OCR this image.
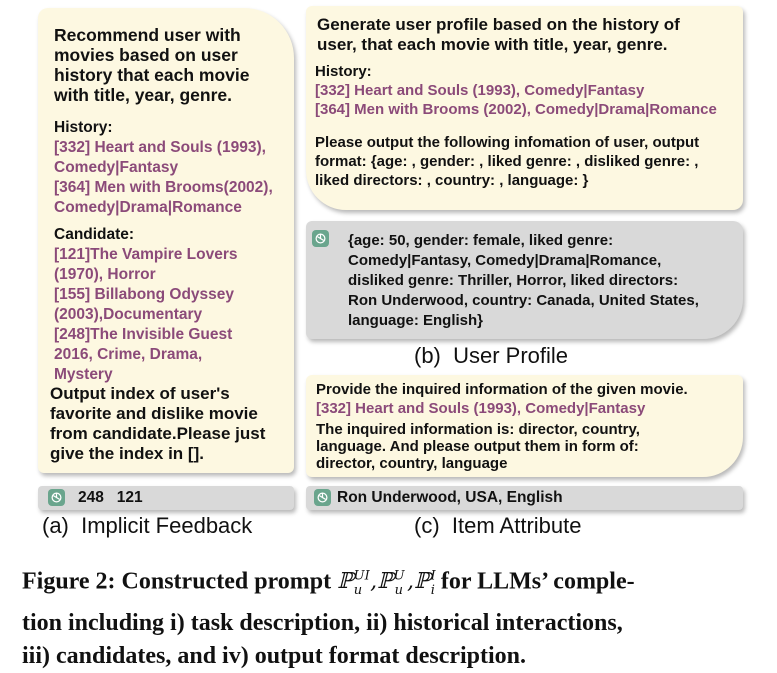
Recommend user with
movies based on user
history that each movie
with title, year, genre.
History:
[332] Heart and Souls (1993),
Comedy|Fantasy
[364] Men with Brooms(2002),
Comedy|Drama|Romance
Candidate:
[121]The Vampire Lovers
(1970), Horror
[155] Billabong Odyssey
(2003),Documentary
[248]The Invisible Guest
2016, Crime, Drama,
Mystery
Output index of user's
favorite and dislike movie
from candidate.Please just
give the index in [].
248   121
(a)  Implicit Feedback
Generate user profile based on the history of
user, that each movie with title, year, genre.
History:
[332] Heart and Souls (1993), Comedy|Fantasy
[364] Men with Brooms (2002), Comedy|Drama|Romance
Please output the following infomation of user, output
format: {age: , gender: , liked genre: , disliked genre: ,
liked directors: , country: , language: }
{age: 50, gender: female, liked genre:
Comedy|Fantasy, Comedy|Drama|Romance,
disliked genre: Thriller, Horror, liked directors:
Ron Underwood, country: Canada, United States,
language: English}
(b)  User Profile
Provide the inquired information of the given movie.
[332] Heart and Souls (1993), Comedy|Fantasy
The inquired information is: director, country,
language. And please output them in form of:
director, country, language
Ron Underwood, USA, English
(c)  Item Attribute
Figure 2: Constructed prompt ℙ$^{UI}_u$ ,ℙ$^U_u$ ,ℙ$^I_i$ for LLMs’ comple-
tion including i) task description, ii) historical interactions,
iii) candidates, and iv) output format description.
